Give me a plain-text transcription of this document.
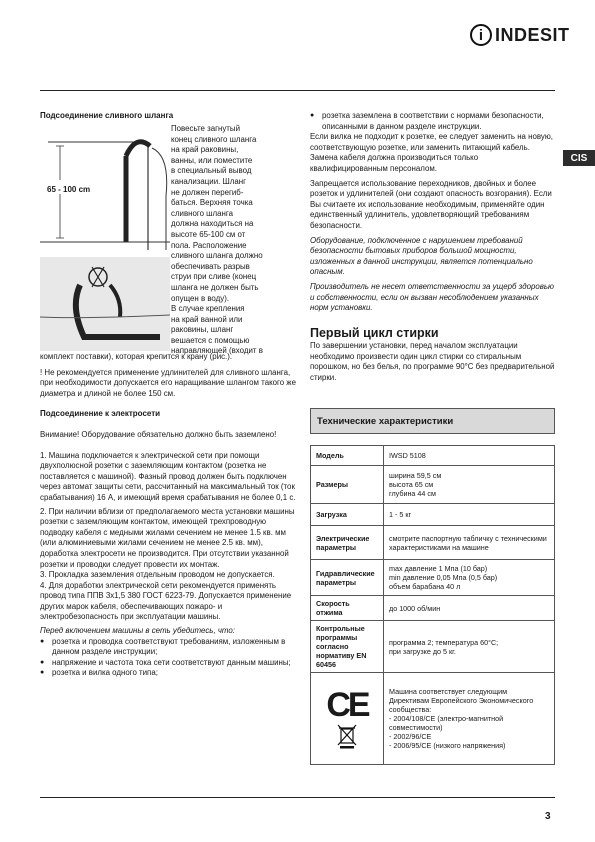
i INDESIT
CIS
Подсоединение сливного шланга
65 - 100 cm

Повесьте загнутый

конец сливного шланга

на край раковины,

ванны, или поместите

в специальный вывод

канализации. Шланг

не должен перегиб-

баться. Верхняя точка

сливного шланга

должна находиться на

высоте 65-100 см от

пола. Расположение

сливного шланга должно

обеспечивать разрыв

струи при сливе (конец

шланга не должен быть

опущен в воду).

В случае крепления

на край ванной или

раковины, шланг

вешается с помощью

направляющей (входит в

комплект поставки), которая крепится к крану (рис.).

! Не рекомендуется применение удлинителей для сливного шланга, при необходимости допускается его наращивание шлангом такого же диаметра и длиной не более 150 см.

Подсоединение к электросети

Внимание! Оборудование обязательно должно быть заземлено!

1. Машина подключается к электрической сети при помощи двухполюсной розетки с заземляющим контактом (розетка не поставляется с машиной). Фазный провод должен быть подключен через автомат защиты сети, рассчитанный на максимальный ток (ток срабатывания) 16 А, и имеющий время срабатывания не более 0,1 с.

2. При наличии вблизи от предполагаемого места установки машины розетки с заземляющим контактом, имеющей трехпроводную подводку кабеля с медными жилами сечением не менее 1.5 кв. мм (или алюминиевыми жилами сечением не менее 2.5 кв. мм), доработка электросети не производится. При отсутствии указанной розетки и проводки следует провести их монтаж.

3. Прокладка заземления отдельным проводом не допускается.

4. Для доработки электрической сети рекомендуется применять провод типа ППВ 3х1,5 380 ГОСТ 6223-79. Допускается применение других марок кабеля, обеспечивающих пожаро- и электробезопасность при эксплуатации машины.

Перед включением машины в сеть убедитесь, что:

● розетка и проводка соответствуют требованиям, изложенным в данном разделе инструкции;

● напряжение и частота тока сети соответствуют данным машины;

● розетка и вилка одного типа;

● розетка заземлена в соответствии с нормами безопасности, описанными в данном разделе инструкции.

Если вилка не подходит к розетке, ее следует заменить на новую, соответствующую розетке, или заменить питающий кабель. Замена кабеля должна производиться только квалифицированным персоналом.

Запрещается использование переходников, двойных и более розеток и удлинителей (они создают опасность возгорания). Если Вы считаете их использование необходимым, применяйте один единственный удлинитель, удовлетворяющий требованиям безопасности.

Оборудование, подключенное с нарушением требований безопасности бытовых приборов большой мощности, изложенных в данной инструкции, является потенциально опасным.

Производитель не несет ответственности за ущерб здоровью и собственности, если он вызван несоблюдением указанных норм установки.

Первый цикл стирки

По завершении установки, перед началом эксплуатации необходимо произвести один цикл стирки со стиральным порошком, но без белья, по программе 90°С без предварительной стирки.

Технические характеристики
Модель	IWSD 5108
Размеры	ширина 59,5 см
высота 65 см
глубина 44 см
Загрузка	1 - 5 кг
Электрические параметры	смотрите паспортную табличку с техническими характеристиками на машине
Гидравлические параметры	max давление 1 Мпа (10 бар)
min давление 0,05 Мпа (0,5 бар)
объем барабана 40 л
Скорость отжима	до 1000 об/мин
Контрольные программы согласно нормативу EN 60456	программа 2; температура 60°С;
при загрузке до 5 кг.

CE	Машина соответствует следующим Директивам Европейского Экономического сообщества:
- 2004/108/CE (электро-магнитной совместимости)
- 2002/96/CE
- 2006/95/CE (низкого напряжения)
3
